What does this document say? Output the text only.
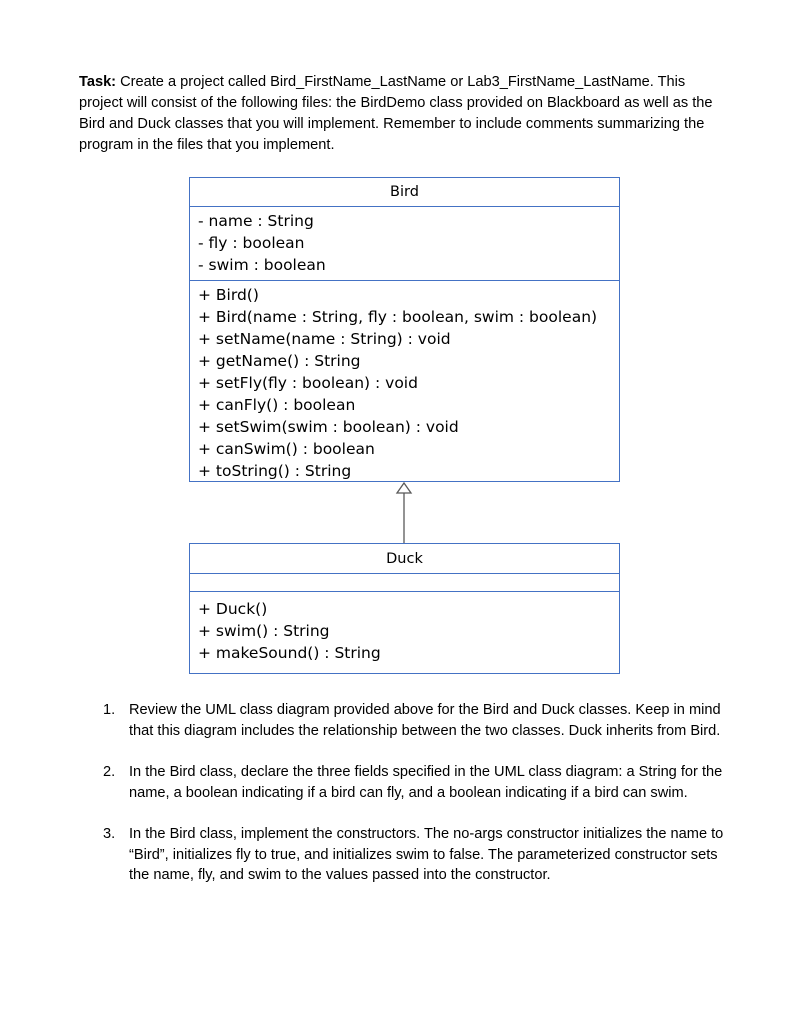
Task: Create a project called Bird_FirstName_LastName or Lab3_FirstName_LastName. This project will consist of the following files: the BirdDemo class provided on Blackboard as well as the Bird and Duck classes that you will implement. Remember to include comments summarizing the program in the files that you implement.

Bird
- name : String
- fly : boolean
- swim : boolean
+ Bird()
+ Bird(name : String, fly : boolean, swim : boolean)
+ setName(name : String) : void
+ getName() : String
+ setFly(fly : boolean) : void
+ canFly() : boolean
+ setSwim(swim : boolean) : void
+ canSwim() : boolean
+ toString() : String
Duck
+ Duck()
+ swim() : String
+ makeSound() : String
1. Review the UML class diagram provided above for the Bird and Duck classes. Keep in mind that this diagram includes the relationship between the two classes. Duck inherits from Bird.
2. In the Bird class, declare the three fields specified in the UML class diagram: a String for the name, a boolean indicating if a bird can fly, and a boolean indicating if a bird can swim.
3. In the Bird class, implement the constructors. The no-args constructor initializes the name to “Bird”, initializes fly to true, and initializes swim to false. The parameterized constructor sets the name, fly, and swim to the values passed into the constructor.
